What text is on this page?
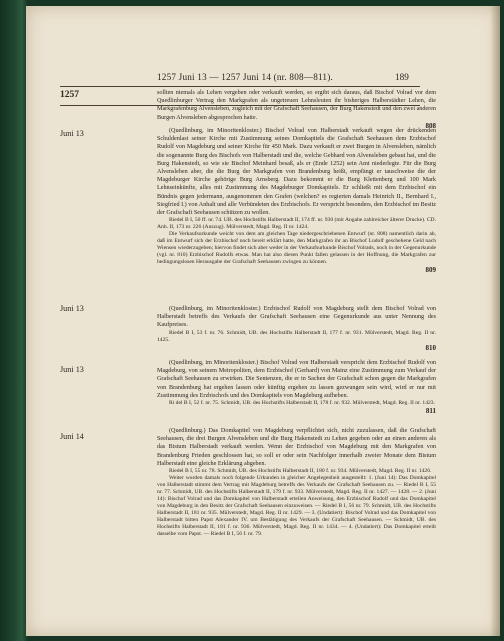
1257 Juni 13 — 1257 Juni 14 (nr. 808—811).	189
1257
Juni 13
Juni 13
Juni 13
Juni 14

sollten niemals als Lehen vergeben oder verkauft werden, so ergibt sich daraus, daß Bischof Volrad vor dem Quedlinburger Vertrag den Markgrafen als ungetreuen Lehnsleuten ihr bisheriges Halberstädter Lehen, die Markgrafenburg Alvensleben, zugleich mit der Grafschaft Seehausen, der Burg Hakenstedt und den zwei anderen Burgen Alvensleben abgesprochen hatte.

808

(Quedlinburg, im Minoritenkloster.) Bischof Volrad von Halberstadt verkauft wegen der drückenden Schuldenlast seiner Kirche mit Zustimmung seines Domkapitels die Grafschaft Seehausen dem Erzbischof Rudolf von Magdeburg und seiner Kirche für 450 Mark. Dazu verkauft er zwei Burgen in Alvensleben, nämlich die sogenannte Burg des Bischofs von Halberstadt und die, welche Gebhard von Alvensleben gebaut hat, und die Burg Hakenstedt, so wie sie Bischof Meinhard besaß, als er (Ende 1252) sein Amt niederlegte. Für die Burg Alvensleben aber, die die Burg der Markgrafen von Brandenburg heißt, empfängt er tauschweise die der Magdeburger Kirche gehörige Burg Arnsberg. Dazu bekommt er die Burg Klettenberg und 100 Mark Lehnseinkünfte, alles mit Zustimmung des Magdeburger Domkapitels. Er schließt mit dem Erzbischof ein Bündnis gegen jedermann, ausgenommen den Grafen (welchen? es regierten damals Heinrich II., Bernhard I., Siegfried I.) von Anhalt und alle Verbündeten des Erzbischofs. Er verspricht besonders, den Erzbischof im Besitz der Grafschaft Seehausen schützen zu wollen.

Riedel B I, 50 ff. nr. 74. UB. des Hochstifts Halberstadt II, 174 ff. nr. 930 (mit Angabe zahlreicher älterer Drucke). CD. Anh. II, 173 nr. 226 (Auszug). Mülverstedt, Magd. Reg. II nr. 1424.

Die Verkaufsurkunde weicht von dem am gleichen Tage niedergeschriebenen Entwurf (nr. 808) namentlich darin ab, daß im Entwurf sich der Erzbischof noch bereit erklärt hatte, den Markgrafen ihr an Bischof Ludolf geschehene Geld nach Wiensen wiederzugeben; hiervon findet sich aber weder in der Verkaufsurkunde Bischof Volrads, noch in der Gegenurkunde (vgl. nr. 810) Erzbischof Rudolfs etwas. Man hat also diesen Punkt fallen gelassen in der Hoffnung, die Markgrafen zur bedingungslosen Herausgabe der Grafschaft Seehausen zwingen zu können.

809

(Quedlinburg, im Minoritenkloster.) Erzbischof Rudolf von Magdeburg stellt dem Bischof Volrad von Halberstadt betreffs des Verkaufs der Grafschaft Seehausen eine Gegenurkunde aus unter Nennung des Kaufpreises.

Riedel B I, 53 f. nr. 76. Schmidt, UB. des Hochstifts Halberstadt II, 177 f. nr. 931. Mülverstedt, Magd. Reg. II nr. 1425.

810

(Quedlinburg, im Minoritenkloster.) Bischof Volrad von Halberstadt verspricht dem Erzbischof Rudolf von Magdeburg, von seinem Metropoliten, dem Erzbischof (Gerhard) von Mainz eine Zustimmung zum Verkauf der Grafschaft Seehausen zu erwirken. Die Sentenzen, die er in Sachen der Grafschaft schon gegen die Markgrafen von Brandenburg hat ergehen lassen oder künftig ergehen zu lassen gezwungen sein wird, wird er nur mit Zustimmung des Erzbischofs und des Domkapitels von Magdeburg aufheben.

Ri del B I, 52 f. nr. 75. Schmidt, UB. des Hochstifts Halberstadt II, 178 f. nr. 932. Mülverstedt, Magd. Reg. II nr. 1423.

811

(Quedlinburg.) Das Domkapitel von Magdeburg verpflichtet sich, nicht zuzulassen, daß die Grafschaft Seehausen, die drei Burgen Alvensleben und die Burg Hakenstedt zu Lehen gegeben oder an einen anderen als das Bistum Halberstadt verkauft werden. Wenn der Erzbischof von Magdeburg mit den Markgrafen von Brandenburg Frieden geschlossen hat, so soll er oder sein Nachfolger innerhalb zweier Monate dem Bistum Halberstadt eine gleiche Erklärung abgeben.

Riedel B I, 55 nr. 78. Schmidt, UB. des Hochstifts Halberstadt II, 180 f. nr. 934. Mülverstedt, Magd. Reg. II nr. 1426.

Weiter wurden damals noch folgende Urkunden in gleicher Angelegenheit ausgestellt: 1. (Juni 14): Das Domkapitel von Halberstadt stimmt dem Vertrag mit Magdeburg betreffs des Verkaufs der Grafschaft Seehausen zu. — Riedel B I, 55 nr. 77. Schmidt, UB. des Hochstifts Halberstadt II, 179 f. nr. 933. Mülverstedt, Magd. Reg. II nr. 1427. — 1428. — 2. (Juni 14): Bischof Volrad und das Domkapitel von Halberstadt erteilen Anweisung, den Erzbischof Rudolf und das Domkapitel von Magdeburg in den Besitz der Grafschaft Seehausen einzuweisen. — Riedel B I, 56 nr. 79. Schmidt, UB. des Hochstifts Halberstadt II, 181 nr. 935. Mülverstedt, Magd. Reg. II nr. 1429. — 3. (Undatiert): Bischof Volrad und das Domkapitel von Halberstadt bitten Papst Alexander IV. um Bestätigung des Verkaufs der Grafschaft Seehausen. — Schmidt, UB. des Hochstifts Halberstadt II, 181 f. nr. 936. Mülverstedt, Magd. Reg. II nr. 1434. — 4. (Undatiert): Das Domkapitel erteilt dasselbe vom Papst. — Riedel B I, 56 f. nr. 79.
